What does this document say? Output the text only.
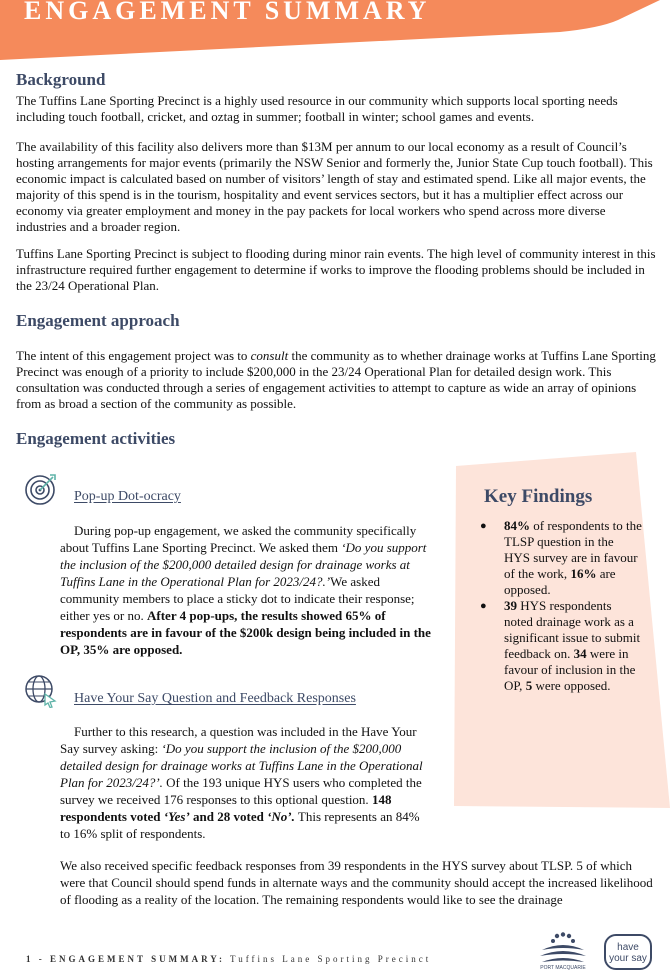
ENGAGEMENT SUMMARY
Background

The Tuffins Lane Sporting Precinct is a highly used resource in our community which supports local sporting needs including touch football, cricket, and oztag in summer; football in winter; school games and events.

The availability of this facility also delivers more than $13M per annum to our local economy as a result of Council’s hosting arrangements for major events (primarily the NSW Senior and formerly the, Junior State Cup touch football). This economic impact is calculated based on number of visitors’ length of stay and estimated spend. Like all major events, the majority of this spend is in the tourism, hospitality and event services sectors, but it has a multiplier effect across our economy via greater employment and money in the pay packets for local workers who spend across more diverse industries and a broader region.

Tuffins Lane Sporting Precinct is subject to flooding during minor rain events. The high level of community interest in this infrastructure required further engagement to determine if works to improve the flooding problems should be included in the 23/24 Operational Plan.

Engagement approach

The intent of this engagement project was to consult the community as to whether drainage works at Tuffins Lane Sporting Precinct was enough of a priority to include $200,000 in the 23/24 Operational Plan for detailed design work. This consultation was conducted through a series of engagement activities to attempt to capture as wide an array of opinions from as broad a section of the community as possible.

Engagement activities
Pop-up Dot-ocracy

During pop-up engagement, we asked the community specifically about Tuffins Lane Sporting Precinct. We asked them ‘Do you support the inclusion of the $200,000 detailed design for drainage works at Tuffins Lane in the Operational Plan for 2023/24?.’We asked community members to place a sticky dot to indicate their response; either yes or no. After 4 pop-ups, the results showed 65% of respondents are in favour of the $200k design being included in the OP, 35% are opposed.

Have Your Say Question and Feedback Responses

Further to this research, a question was included in the Have Your Say survey asking: ‘Do you support the inclusion of the $200,000 detailed design for drainage works at Tuffins Lane in the Operational Plan for 2023/24?’. Of the 193 unique HYS users who completed the survey we received 176 responses to this optional question. 148 respondents voted ‘Yes’ and 28 voted ‘No’. This represents an 84% to 16% split of respondents.

We also received specific feedback responses from 39 respondents in the HYS survey about TLSP. 5 of which were that Council should spend funds in alternate ways and the community should accept the increased likelihood of flooding as a reality of the location. The remaining respondents would like to see the drainage

Key Findings
● 84% of respondents to the TLSP question in the HYS survey are in favour of the work, 16% are opposed.
● 39 HYS respondents noted drainage work as a significant issue to submit feedback on. 34 were in favour of inclusion in the OP, 5 were opposed.
1 - ENGAGEMENT SUMMARY: Tuffins Lane Sporting Precinct
PORT MACQUARIE
have
your say
